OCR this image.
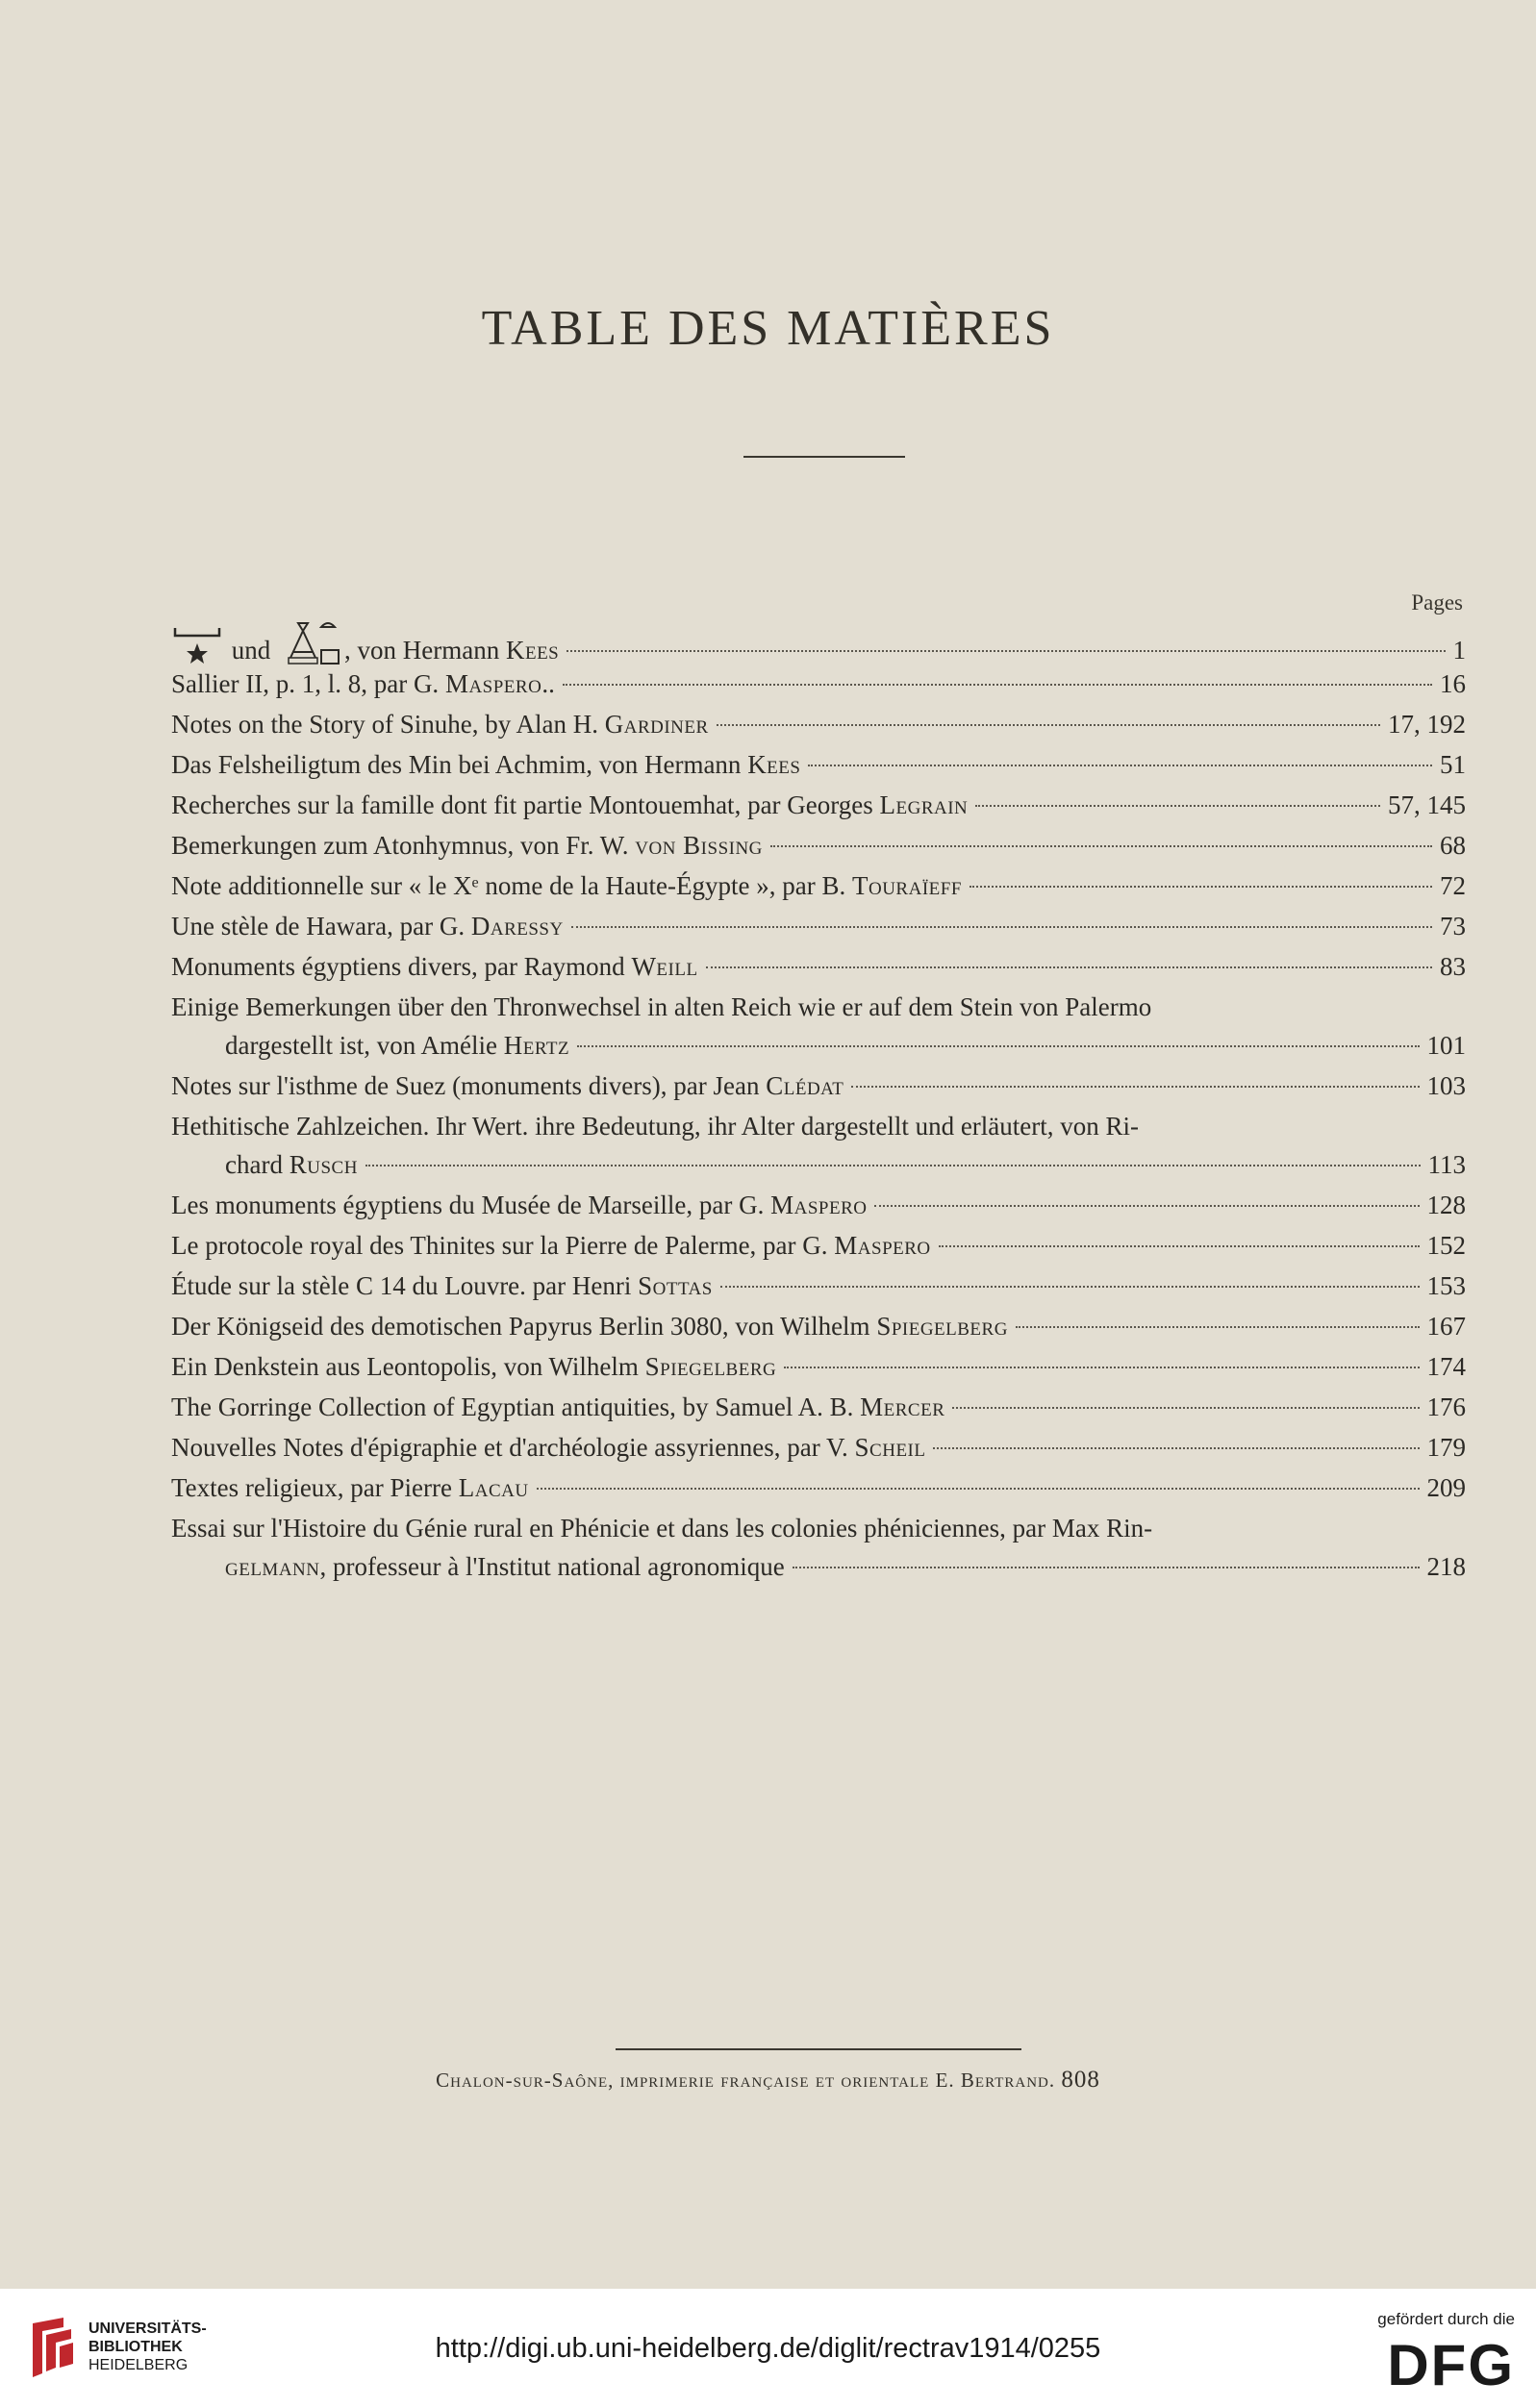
TABLE DES MATIÈRES
Pages
und	, von Hermann Kees	1
Sallier II, p. 1, l. 8, par G. Maspero..	16
Notes on the Story of Sinuhe, by Alan H. Gardiner	17, 192
Das Felsheiligtum des Min bei Achmim, von Hermann Kees	51
Recherches sur la famille dont fit partie Montouemhat, par Georges Legrain	57, 145
Bemerkungen zum Atonhymnus, von Fr. W. von Bissing	68
Note additionnelle sur « le Xᵉ nome de la Haute-Égypte », par B. Touraïeff	72
Une stèle de Hawara, par G. Daressy	73
Monuments égyptiens divers, par Raymond Weill	83
Einige Bemerkungen über den Thronwechsel in alten Reich wie er auf dem Stein von Palermo
dargestellt ist, von Amélie Hertz	101
Notes sur l'isthme de Suez (monuments divers), par Jean Clédat	103
Hethitische Zahlzeichen. Ihr Wert. ihre Bedeutung, ihr Alter dargestellt und erläutert, von Ri-
chard Rusch	113
Les monuments égyptiens du Musée de Marseille, par G. Maspero	128
Le protocole royal des Thinites sur la Pierre de Palerme, par G. Maspero	152
Étude sur la stèle C 14 du Louvre. par Henri Sottas	153
Der Königseid des demotischen Papyrus Berlin 3080, von Wilhelm Spiegelberg	167
Ein Denkstein aus Leontopolis, von Wilhelm Spiegelberg	174
The Gorringe Collection of Egyptian antiquities, by Samuel A. B. Mercer	176
Nouvelles Notes d'épigraphie et d'archéologie assyriennes, par V. Scheil	179
Textes religieux, par Pierre Lacau	209
Essai sur l'Histoire du Génie rural en Phénicie et dans les colonies phéniciennes, par Max Rin-
gelmann, professeur à l'Institut national agronomique	218
Chalon-sur-Saône, imprimerie française et orientale E. Bertrand. 808
UNIVERSITÄTS-
BIBLIOTHEK
HEIDELBERG
http://digi.ub.uni-heidelberg.de/diglit/rectrav1914/0255
gefördert durch die
DFG
